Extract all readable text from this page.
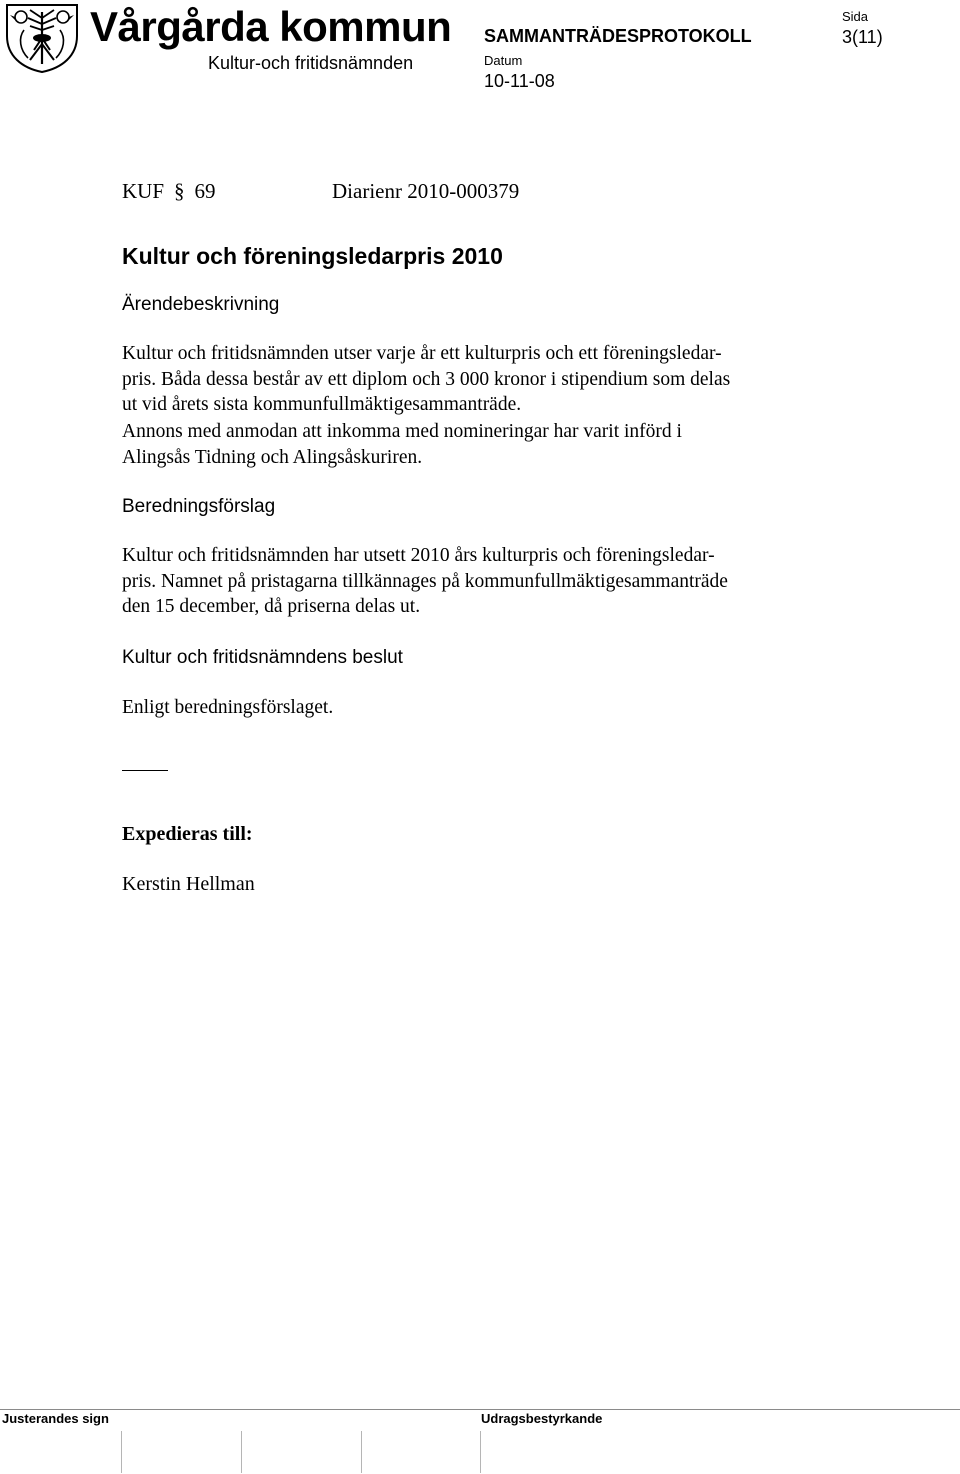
Vårgårda kommun
Kultur-och fritidsnämnden
SAMMANTRÄDESPROTOKOLL
Datum
10-11-08
Sida
3(11)
KUF § 69	Diarienr 2010-000379
Kultur och föreningsledarpris 2010
Ärendebeskrivning
Kultur och fritidsnämnden utser varje år ett kulturpris och ett föreningsledar-
pris. Båda dessa består av ett diplom och 3 000 kronor i stipendium som delas
ut vid årets sista kommunfullmäktigesammanträde.
Annons med anmodan att inkomma med nomineringar har varit införd i
Alingsås Tidning och Alingsåskuriren.
Beredningsförslag
Kultur och fritidsnämnden har utsett 2010 års kulturpris och föreningsledar-
pris. Namnet på pristagarna tillkännages på kommunfullmäktigesammanträde
den 15 december, då priserna delas ut.
Kultur och fritidsnämndens beslut
Enligt beredningsförslaget.
Expedieras till:
Kerstin Hellman
Justerandes sign	Udragsbestyrkande
